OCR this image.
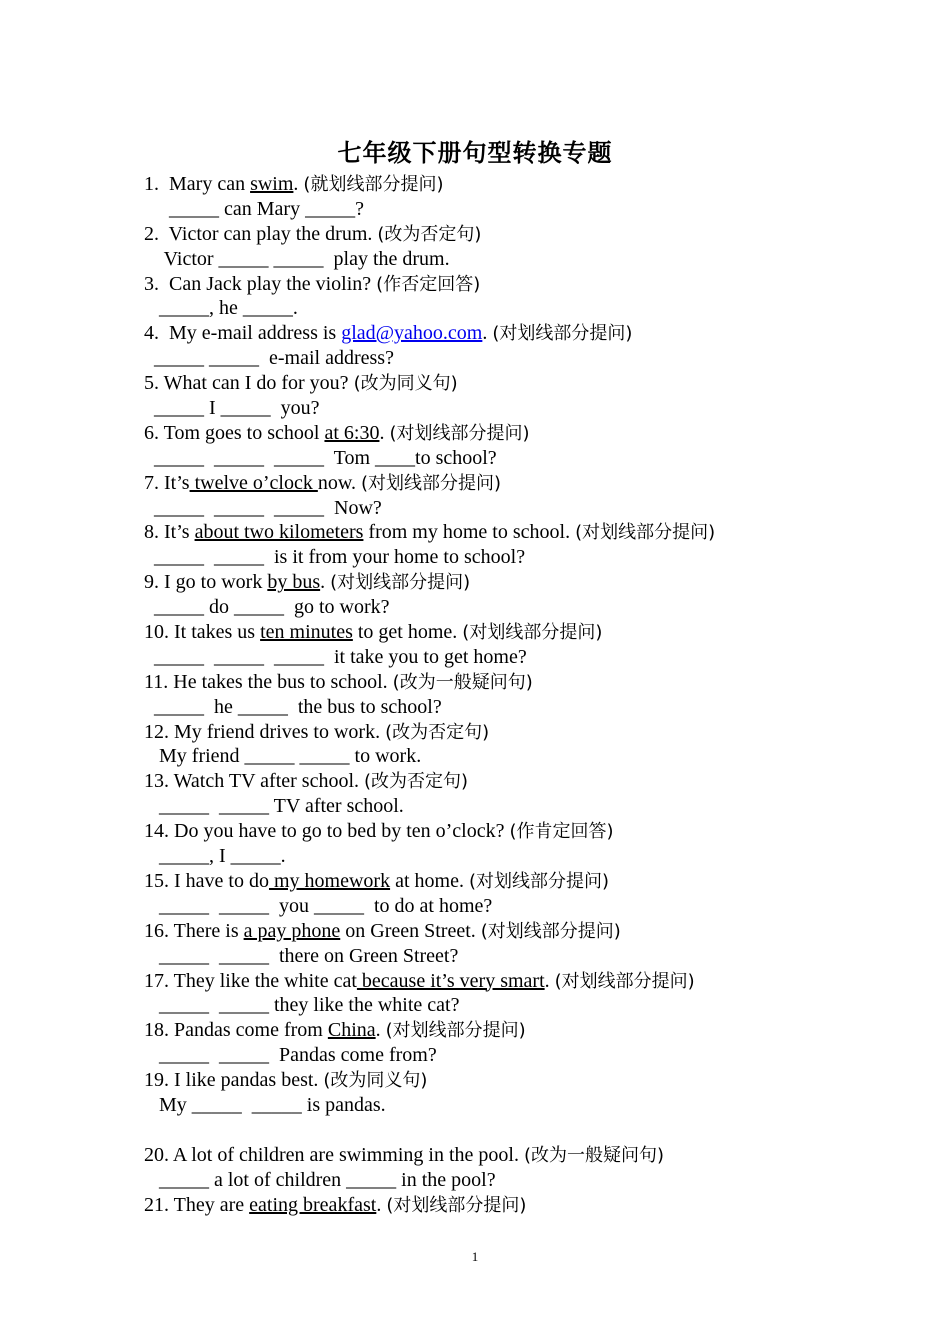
七年级下册句型转换专题
1.  Mary can swim. (就划线部分提问)
_____ can Mary _____?
2.  Victor can play the drum. (改为否定句)
Victor _____ _____  play the drum.
3.  Can Jack play the violin? (作否定回答)
_____, he _____.
4.  My e-mail address is glad@yahoo.com. (对划线部分提问)
_____ _____  e-mail address?
5. What can I do for you? (改为同义句)
_____ I _____  you?
6. Tom goes to school at 6:30. (对划线部分提问)
_____  _____  _____  Tom ____to school?
7. It’s twelve o’clock now. (对划线部分提问)
_____  _____  _____  Now?
8. It’s about two kilometers from my home to school. (对划线部分提问)
_____  _____  is it from your home to school?
9. I go to work by bus. (对划线部分提问)
_____ do _____  go to work?
10. It takes us ten minutes to get home. (对划线部分提问)
_____  _____  _____  it take you to get home?
11. He takes the bus to school. (改为一般疑问句)
_____  he _____  the bus to school?
12. My friend drives to work. (改为否定句)
My friend _____ _____ to work.
13. Watch TV after school. (改为否定句)
_____  _____ TV after school.
14. Do you have to go to bed by ten o’clock? (作肯定回答)
_____, I _____.
15. I have to do my homework at home. (对划线部分提问)
_____  _____  you _____  to do at home?
16. There is a pay phone on Green Street. (对划线部分提问)
_____  _____  there on Green Street?
17. They like the white cat because it’s very smart. (对划线部分提问)
_____  _____ they like the white cat?
18. Pandas come from China. (对划线部分提问)
_____  _____  Pandas come from?
19. I like pandas best. (改为同义句)
My _____  _____ is pandas.
20. A lot of children are swimming in the pool. (改为一般疑问句)
_____ a lot of children _____ in the pool?
21. They are eating breakfast. (对划线部分提问)
1
